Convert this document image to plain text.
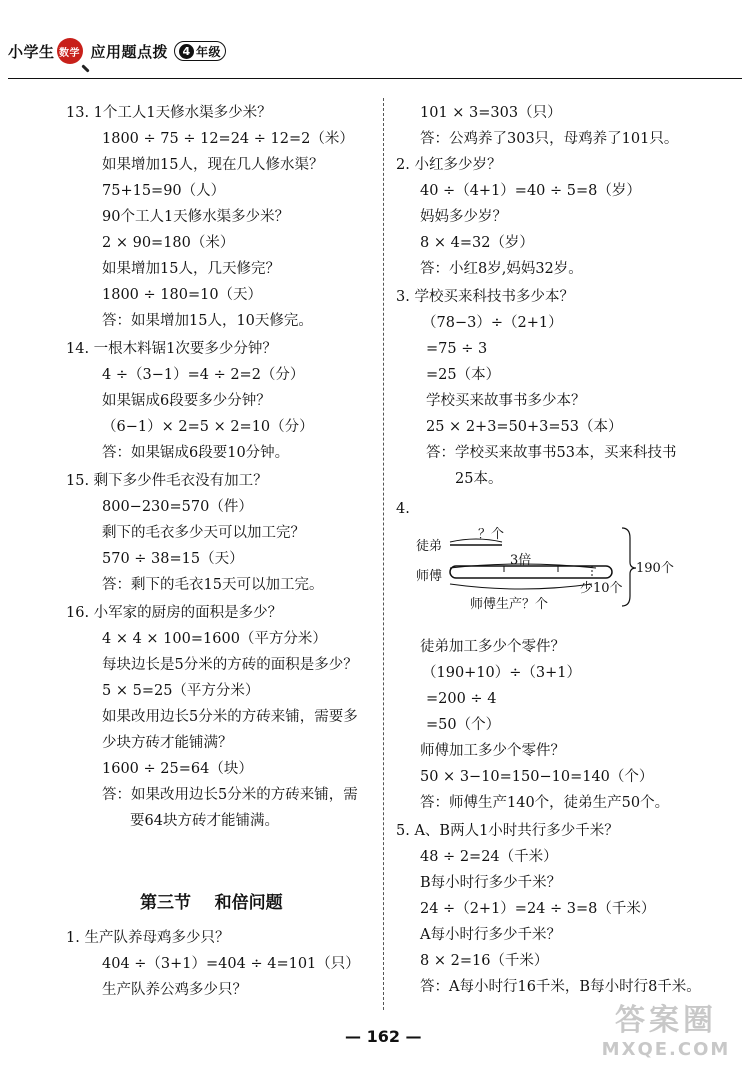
小学生 数学 应用题点拨	4 年级
13. 1个工人1天修水渠多少米？
1800 ÷ 75 ÷ 12=24 ÷ 12=2（米）
如果增加15人，现在几人修水渠？
75+15=90（人）
90个工人1天修水渠多少米？
2 × 90=180（米）
如果增加15人，几天修完？
1800 ÷ 180=10（天）
答：如果增加15人，10天修完。
14. 一根木料锯1次要多少分钟？
4 ÷（3−1）=4 ÷ 2=2（分）
如果锯成6段要多少分钟？
（6−1）× 2=5 × 2=10（分）
答：如果锯成6段要10分钟。
15. 剩下多少件毛衣没有加工？
800−230=570（件）
剩下的毛衣多少天可以加工完？
570 ÷ 38=15（天）
答：剩下的毛衣15天可以加工完。
16. 小军家的厨房的面积是多少？
4 × 4 × 100=1600（平方分米）
每块边长是5分米的方砖的面积是多少？
5 × 5=25（平方分米）
如果改用边长5分米的方砖来铺，需要多
少块方砖才能铺满？
1600 ÷ 25=64（块）
答：如果改用边长5分米的方砖来铺，需
要64块方砖才能铺满。
第三节    和倍问题
1. 生产队养母鸡多少只？
404 ÷（3+1）=404 ÷ 4=101（只）
生产队养公鸡多少只？
101 × 3=303（只）
答：公鸡养了303只，母鸡养了101只。
2. 小红多少岁？
40 ÷（4+1）=40 ÷ 5=8（岁）
妈妈多少岁？
8 × 4=32（岁）
答：小红8岁,妈妈32岁。
3. 学校买来科技书多少本？
（78−3）÷（2+1）
=75 ÷ 3
=25（本）
学校买来故事书多少本？
25 × 2+3=50+3=53（本）
答：学校买来故事书53本，买来科技书
25本。
4.
徒弟
？个
3倍
师傅
少10个
师傅生产？个
190个
徒弟加工多少个零件？
（190+10）÷（3+1）
=200 ÷ 4
=50（个）
师傅加工多少个零件？
50 × 3−10=150−10=140（个）
答：师傅生产140个，徒弟生产50个。
5. A、B两人1小时共行多少千米？
48 ÷ 2=24（千米）
B每小时行多少千米？
24 ÷（2+1）=24 ÷ 3=8（千米）
A每小时行多少千米？
8 × 2=16（千米）
答：A每小时行16千米，B每小时行8千米。
— 162 —	答案圈
MXQE.COM
